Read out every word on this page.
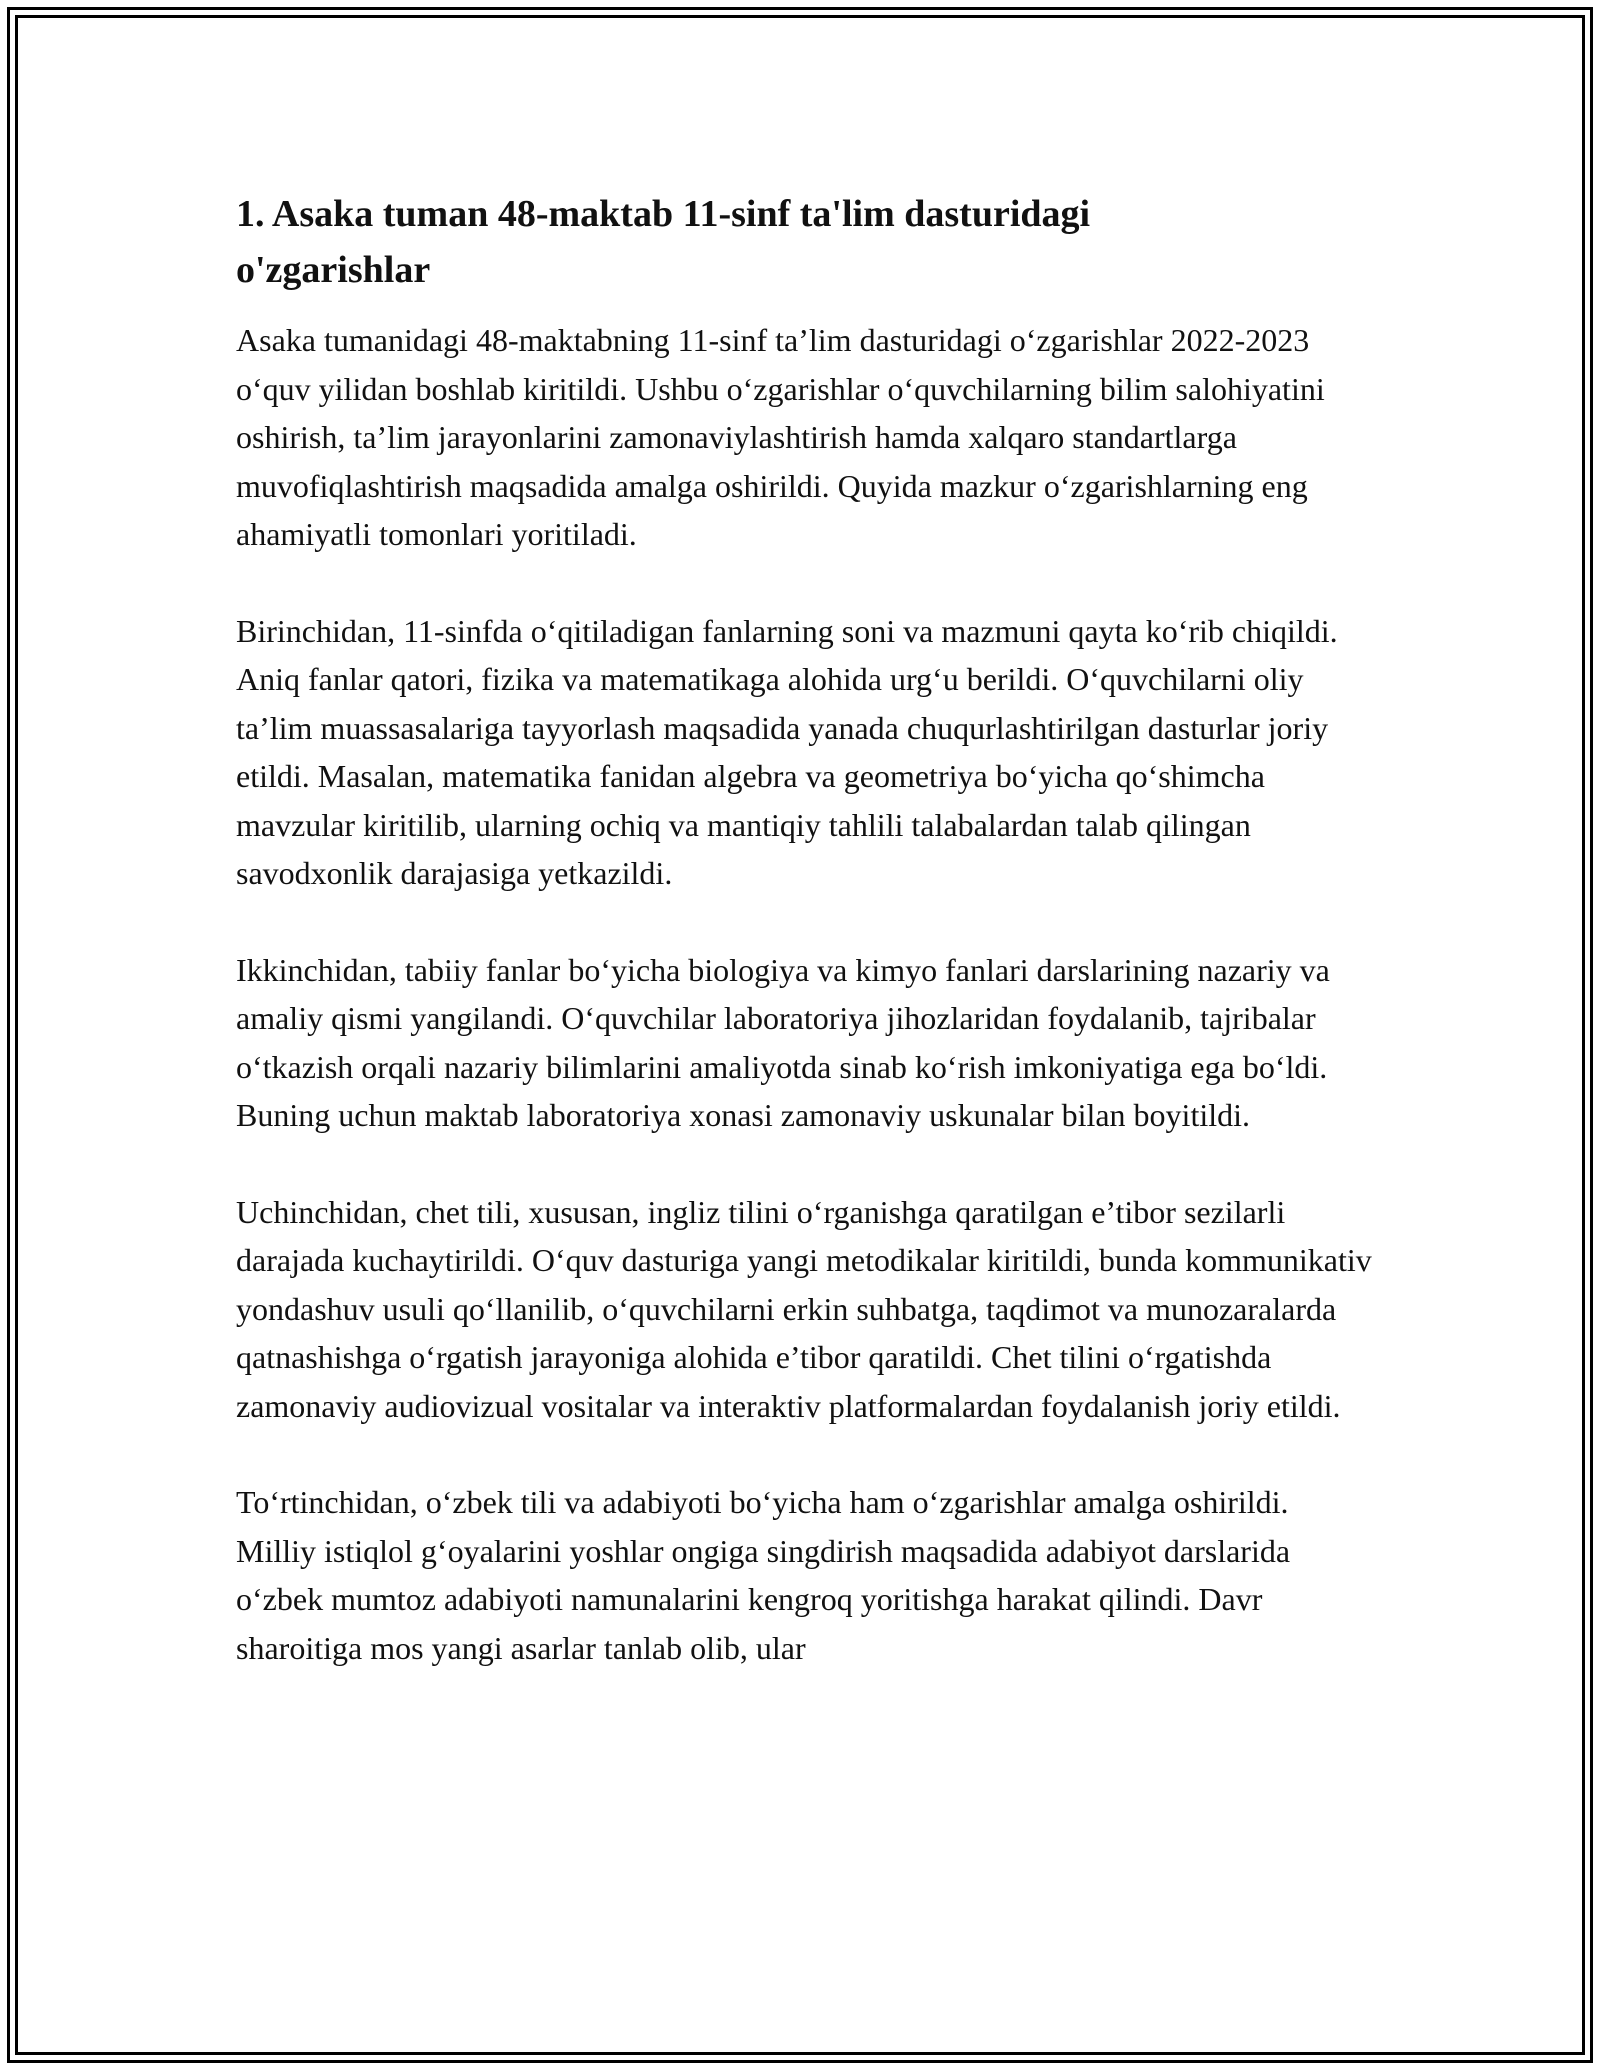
1. Asaka tuman 48-maktab 11-sinf ta'lim dasturidagi o'zgarishlar

Asaka tumanidagi 48-maktabning 11-sinf ta’lim dasturidagi o‘zgarishlar 2022-2023 o‘quv yilidan boshlab kiritildi. Ushbu o‘zgarishlar o‘quvchilarning bilim salohiyatini oshirish, ta’lim jarayonlarini zamonaviylashtirish hamda xalqaro standartlarga muvofiqlashtirish maqsadida amalga oshirildi. Quyida mazkur o‘zgarishlarning eng ahamiyatli tomonlari yoritiladi.

Birinchidan, 11-sinfda o‘qitiladigan fanlarning soni va mazmuni qayta ko‘rib chiqildi. Aniq fanlar qatori, fizika va matematikaga alohida urg‘u berildi. O‘quvchilarni oliy ta’lim muassasalariga tayyorlash maqsadida yanada chuqurlashtirilgan dasturlar joriy etildi. Masalan, matematika fanidan algebra va geometriya bo‘yicha qo‘shimcha mavzular kiritilib, ularning ochiq va mantiqiy tahlili talabalardan talab qilingan savodxonlik darajasiga yetkazildi.

Ikkinchidan, tabiiy fanlar bo‘yicha biologiya va kimyo fanlari darslarining nazariy va amaliy qismi yangilandi. O‘quvchilar laboratoriya jihozlaridan foydalanib, tajribalar o‘tkazish orqali nazariy bilimlarini amaliyotda sinab ko‘rish imkoniyatiga ega bo‘ldi. Buning uchun maktab laboratoriya xonasi zamonaviy uskunalar bilan boyitildi.

Uchinchidan, chet tili, xususan, ingliz tilini o‘rganishga qaratilgan e’tibor sezilarli darajada kuchaytirildi. O‘quv dasturiga yangi metodikalar kiritildi, bunda kommunikativ yondashuv usuli qo‘llanilib, o‘quvchilarni erkin suhbatga, taqdimot va munozaralarda qatnashishga o‘rgatish jarayoniga alohida e’tibor qaratildi. Chet tilini o‘rgatishda zamonaviy audiovizual vositalar va interaktiv platformalardan foydalanish joriy etildi.

To‘rtinchidan, o‘zbek tili va adabiyoti bo‘yicha ham o‘zgarishlar amalga oshirildi. Milliy istiqlol g‘oyalarini yoshlar ongiga singdirish maqsadida adabiyot darslarida o‘zbek mumtoz adabiyoti namunalarini kengroq yoritishga harakat qilindi. Davr sharoitiga mos yangi asarlar tanlab olib, ular
